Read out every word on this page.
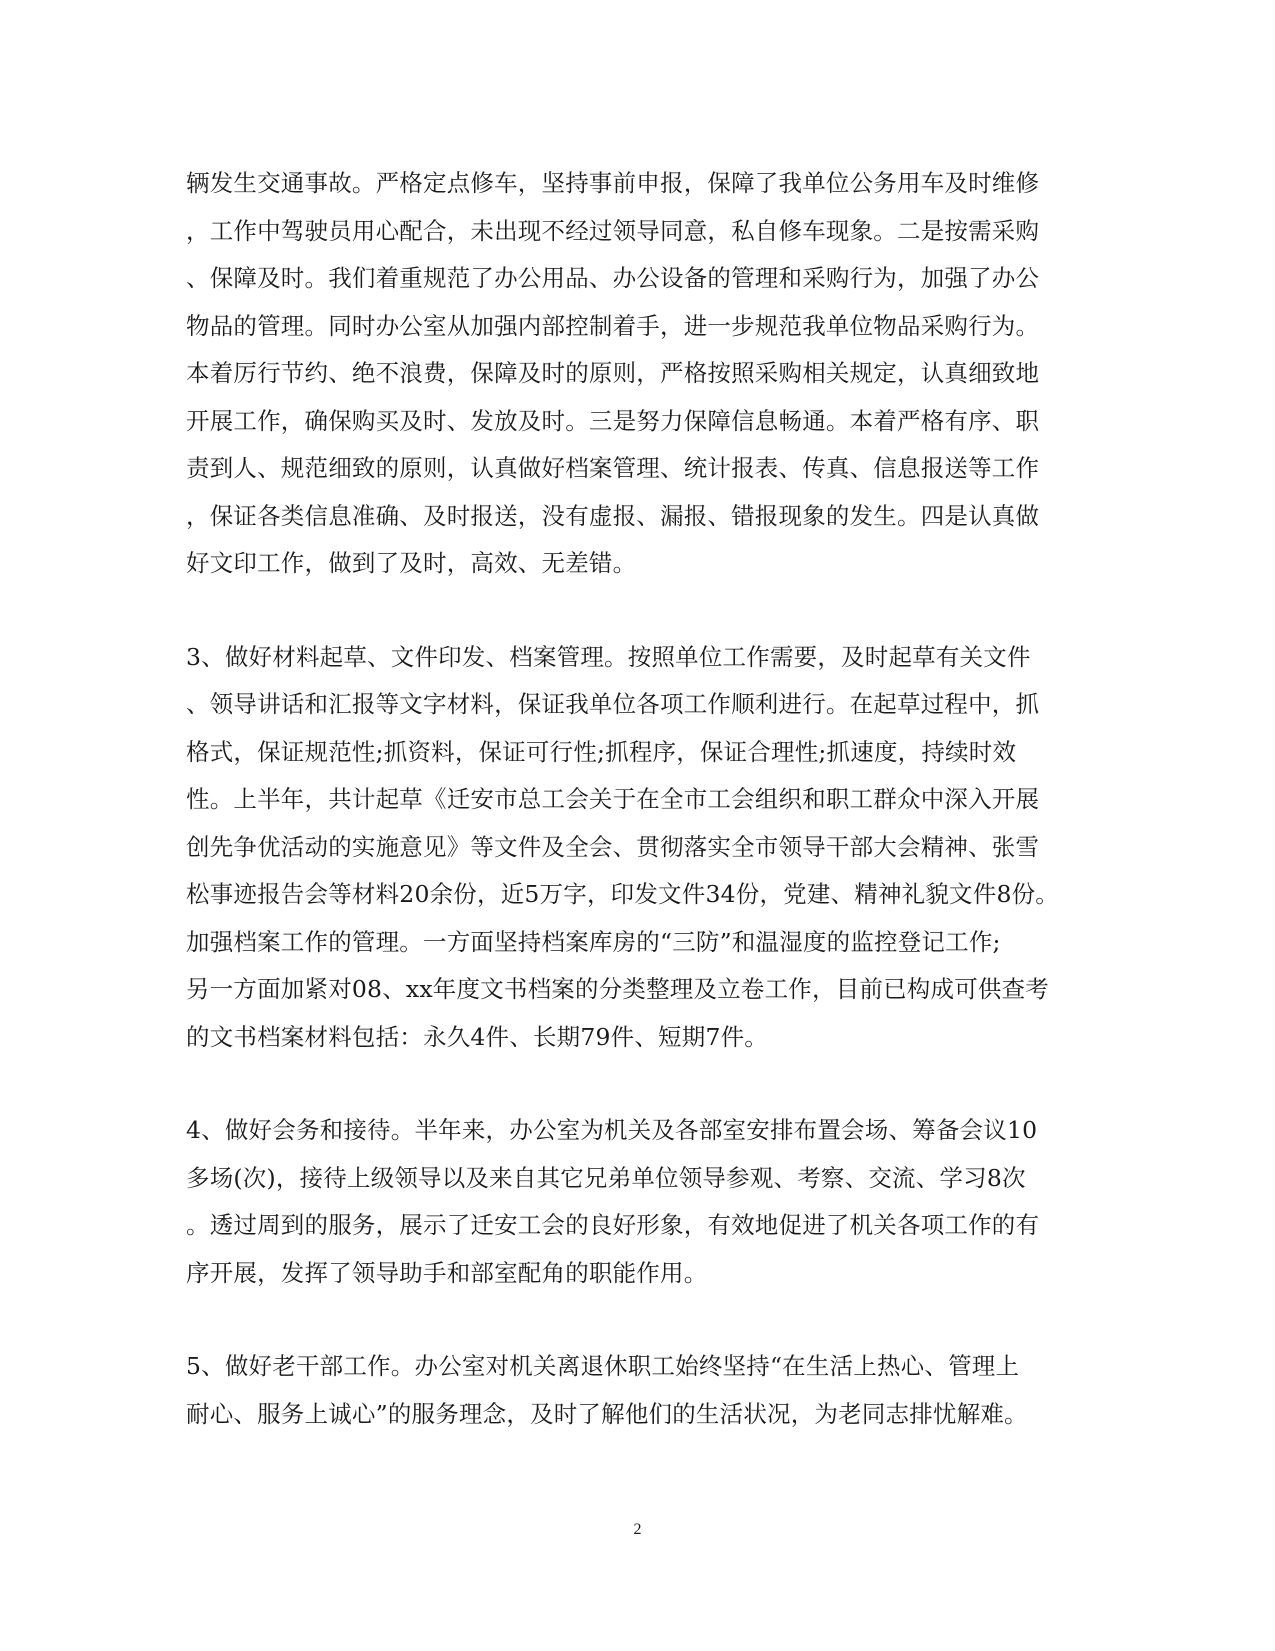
辆发生交通事故。严格定点修车，坚持事前申报，保障了我单位公务用车及时维修
，工作中驾驶员用心配合，未出现不经过领导同意，私自修车现象。二是按需采购
、保障及时。我们着重规范了办公用品、办公设备的管理和采购行为，加强了办公
物品的管理。同时办公室从加强内部控制着手，进一步规范我单位物品采购行为。
本着厉行节约、绝不浪费，保障及时的原则，严格按照采购相关规定，认真细致地
开展工作，确保购买及时、发放及时。三是努力保障信息畅通。本着严格有序、职
责到人、规范细致的原则，认真做好档案管理、统计报表、传真、信息报送等工作
，保证各类信息准确、及时报送，没有虚报、漏报、错报现象的发生。四是认真做
好文印工作，做到了及时，高效、无差错。

3、做好材料起草、文件印发、档案管理。按照单位工作需要，及时起草有关文件
、领导讲话和汇报等文字材料，保证我单位各项工作顺利进行。在起草过程中，抓
格式，保证规范性;抓资料，保证可行性;抓程序，保证合理性;抓速度，持续时效
性。上半年，共计起草《迁安市总工会关于在全市工会组织和职工群众中深入开展
创先争优活动的实施意见》等文件及全会、贯彻落实全市领导干部大会精神、张雪
松事迹报告会等材料20余份，近5万字，印发文件34份，党建、精神礼貌文件8份。
加强档案工作的管理。一方面坚持档案库房的“三防”和温湿度的监控登记工作;
另一方面加紧对08、xx年度文书档案的分类整理及立卷工作，目前已构成可供查考
的文书档案材料包括：永久4件、长期79件、短期7件。

4、做好会务和接待。半年来，办公室为机关及各部室安排布置会场、筹备会议10
多场(次)，接待上级领导以及来自其它兄弟单位领导参观、考察、交流、学习8次
。透过周到的服务，展示了迁安工会的良好形象，有效地促进了机关各项工作的有
序开展，发挥了领导助手和部室配角的职能作用。

5、做好老干部工作。办公室对机关离退休职工始终坚持“在生活上热心、管理上
耐心、服务上诚心”的服务理念，及时了解他们的生活状况，为老同志排忧解难。

2
